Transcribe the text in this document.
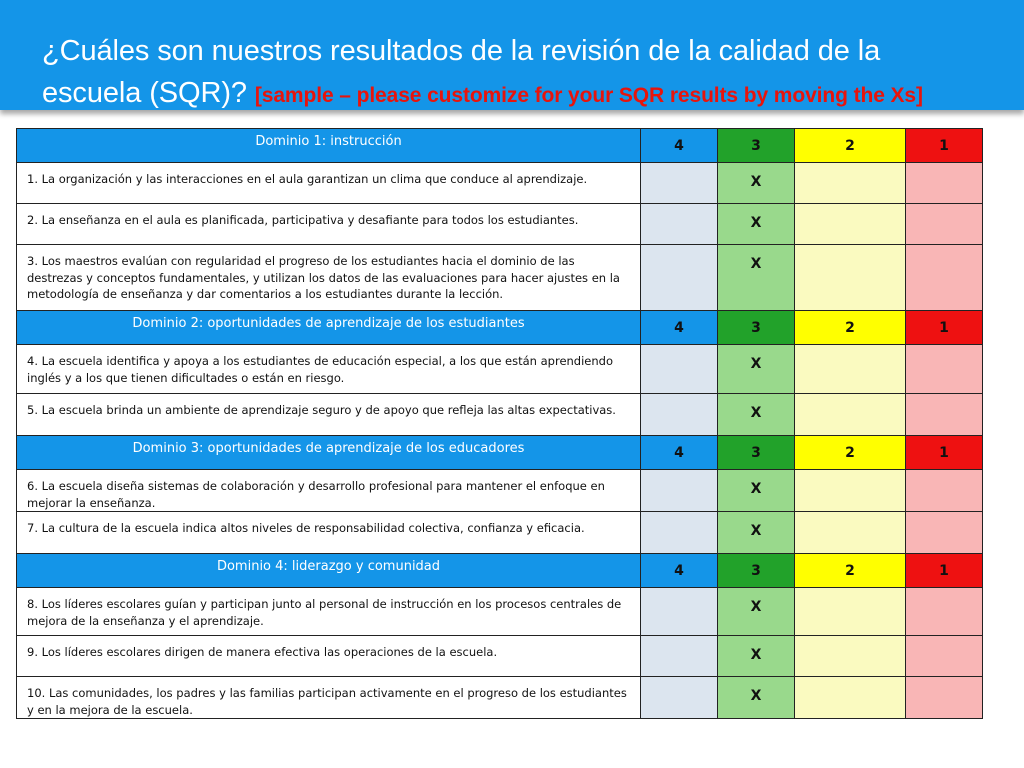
¿Cuáles son nuestros resultados de la revisión de la calidad de la escuela (SQR)? [sample – please customize for your SQR results by moving the Xs]
Dominio 1: instrucción	4	3	2	1
1. La organización y las interacciones en el aula garantizan un clima que conduce al aprendizaje.		X		
2. La enseñanza en el aula es planificada, participativa y desafiante para todos los estudiantes.		X		
3. Los maestros evalúan con regularidad el progreso de los estudiantes hacia el dominio de las destrezas y conceptos fundamentales, y utilizan los datos de las evaluaciones para hacer ajustes en la metodología de enseñanza y dar comentarios a los estudiantes durante la lección.		X		
Dominio 2: oportunidades de aprendizaje de los estudiantes	4	3	2	1
4. La escuela identifica y apoya a los estudiantes de educación especial, a los que están aprendiendo inglés y a los que tienen dificultades o están en riesgo.		X		
5. La escuela brinda un ambiente de aprendizaje seguro y de apoyo que refleja las altas expectativas.		X		
Dominio 3: oportunidades de aprendizaje de los educadores	4	3	2	1
6. La escuela diseña sistemas de colaboración y desarrollo profesional para mantener el enfoque en mejorar la enseñanza.		X		
7. La cultura de la escuela indica altos niveles de responsabilidad colectiva, confianza y eficacia.		X		
Dominio 4: liderazgo y comunidad	4	3	2	1
8. Los líderes escolares guían y participan junto al personal de instrucción en los procesos centrales de mejora de la enseñanza y el aprendizaje.		X		
9. Los líderes escolares dirigen de manera efectiva las operaciones de la escuela.		X		
10. Las comunidades, los padres y las familias participan activamente en el progreso de los estudiantes y en la mejora de la escuela.		X		
